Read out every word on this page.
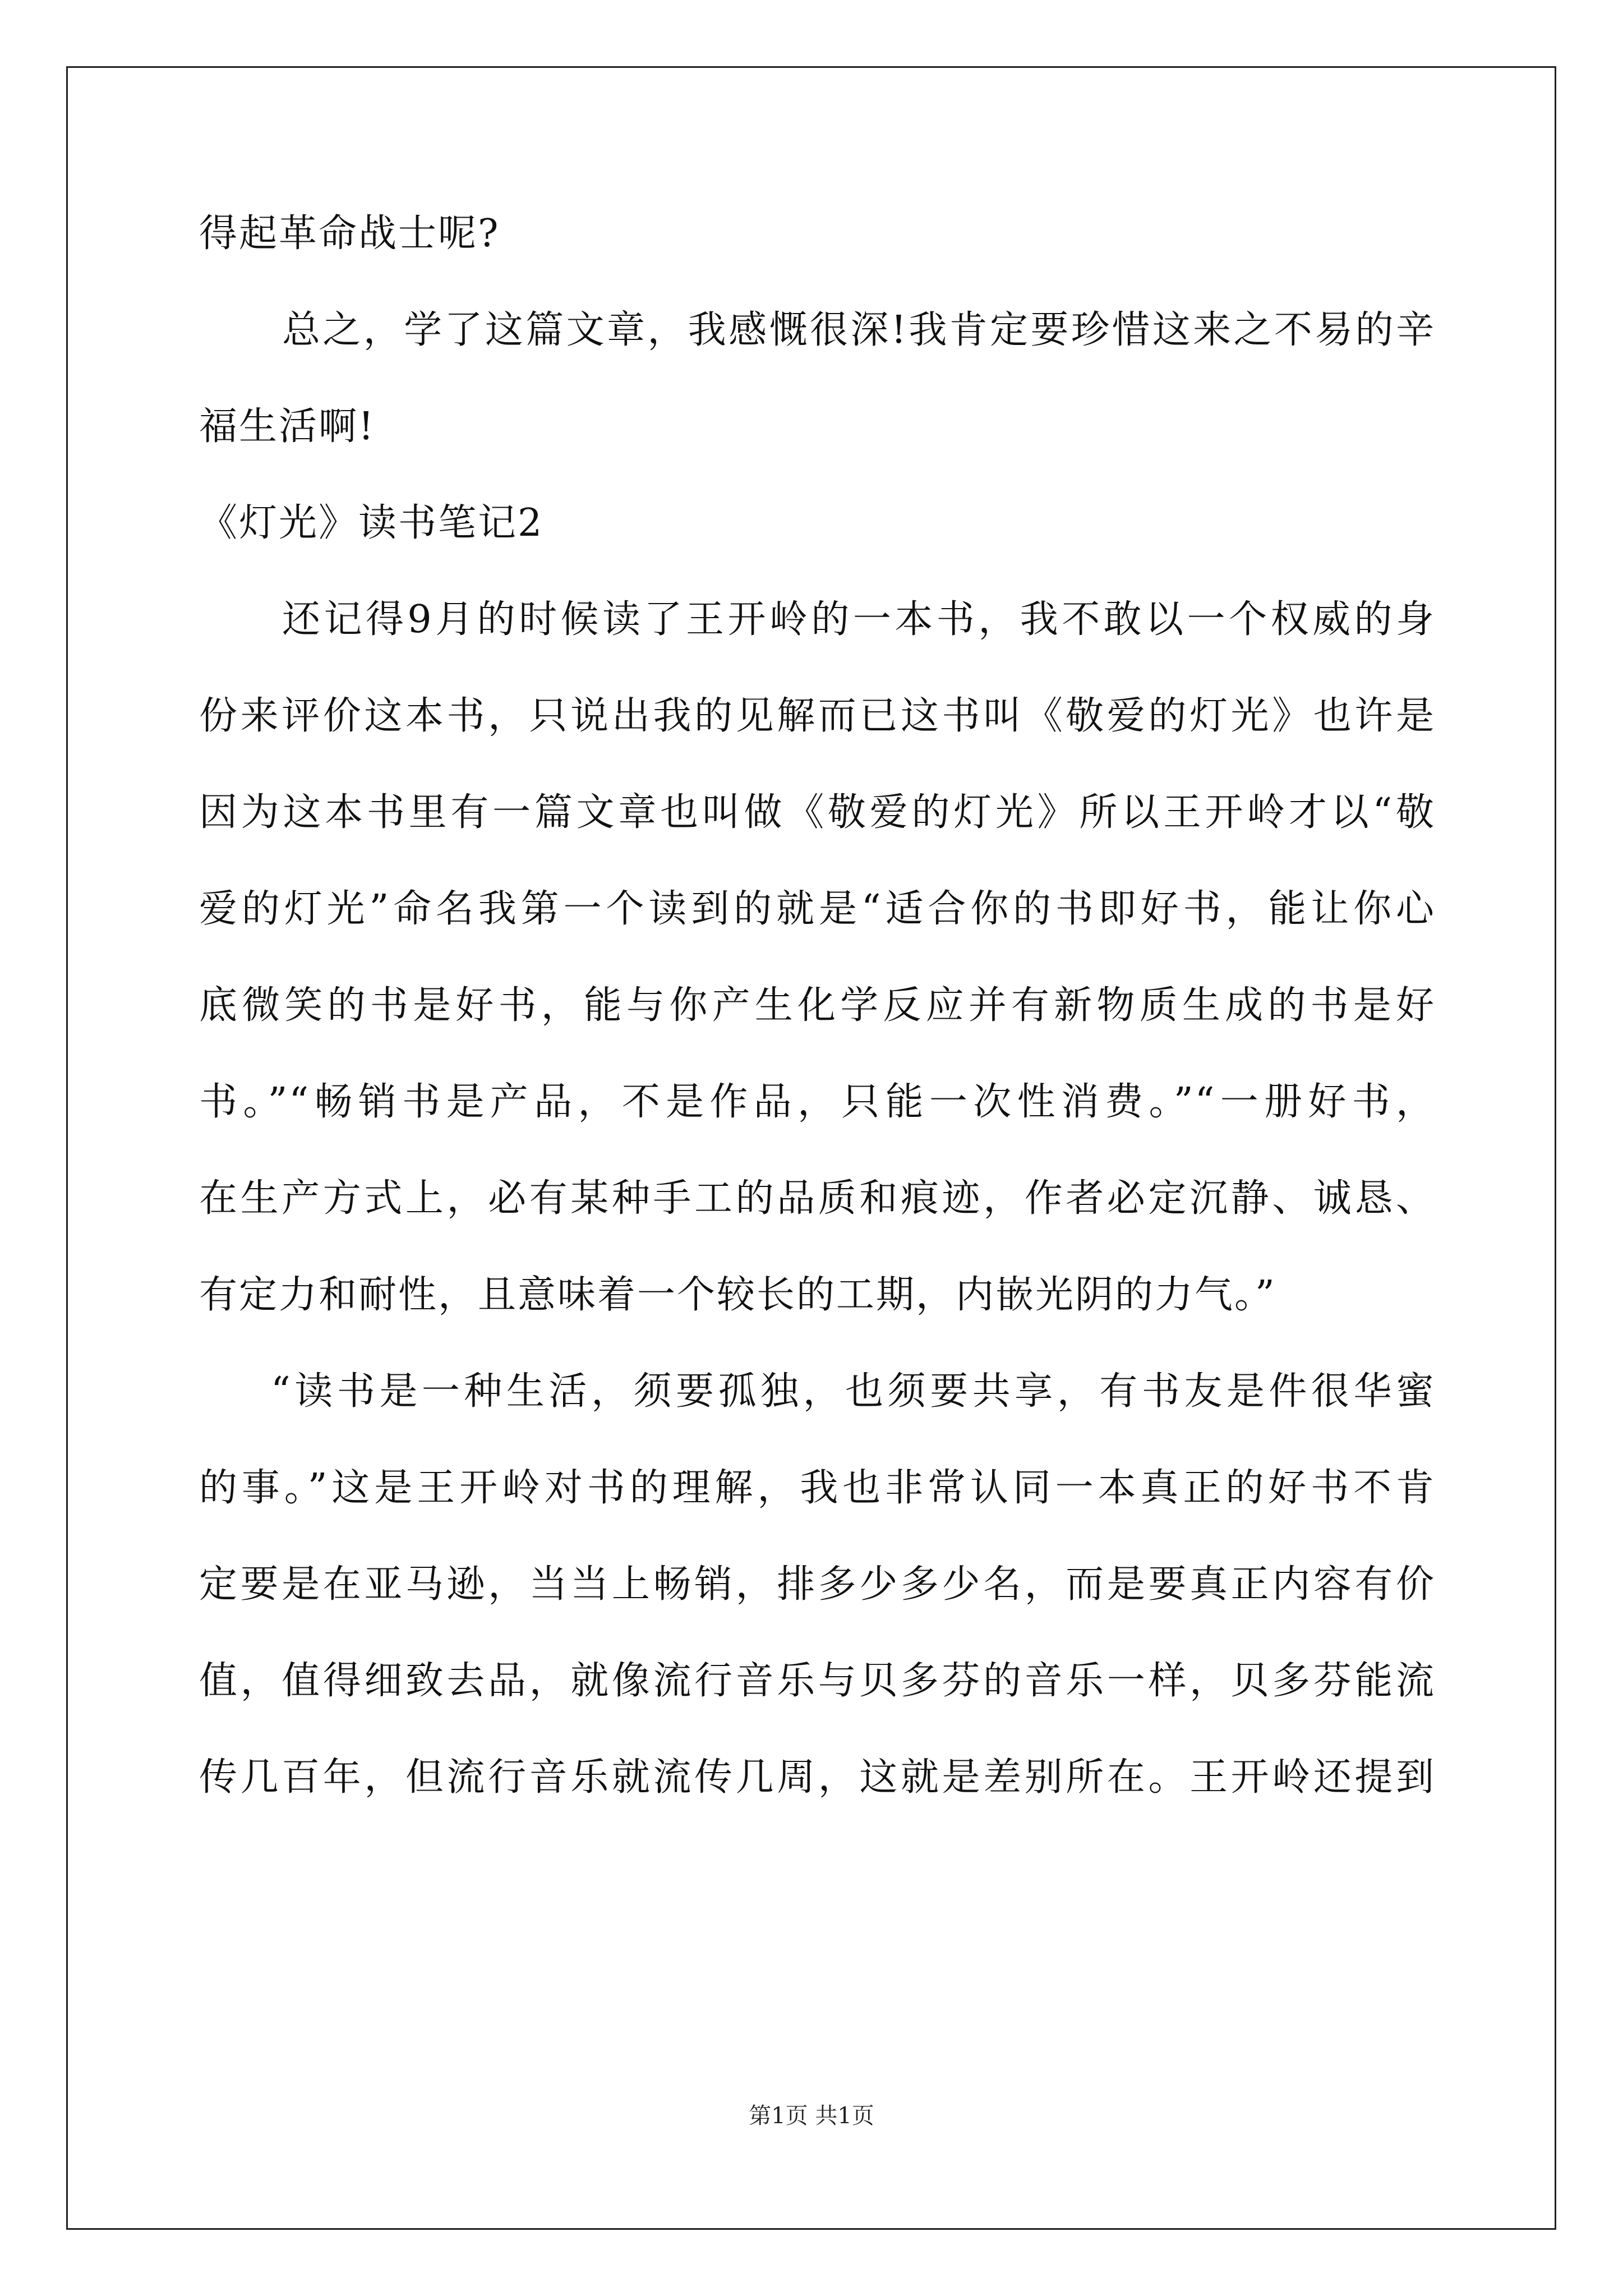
得起革命战士呢?
总之，学了这篇文章，我感慨很深!我肯定要珍惜这来之不易的辛
福生活啊!
《灯光》读书笔记2
还记得9月的时候读了王开岭的一本书，我不敢以一个权威的身
份来评价这本书，只说出我的见解而已这书叫《敬爱的灯光》也许是
因为这本书里有一篇文章也叫做《敬爱的灯光》所以王开岭才以“敬
爱的灯光”命名我第一个读到的就是“适合你的书即好书，能让你心
底微笑的书是好书，能与你产生化学反应并有新物质生成的书是好
书。”“畅销书是产品，不是作品，只能一次性消费。”“一册好书，
在生产方式上，必有某种手工的品质和痕迹，作者必定沉静、诚恳、
有定力和耐性，且意味着一个较长的工期，内嵌光阴的力气。”
“读书是一种生活，须要孤独，也须要共享，有书友是件很华蜜
的事。”这是王开岭对书的理解，我也非常认同一本真正的好书不肯
定要是在亚马逊，当当上畅销，排多少多少名，而是要真正内容有价
值，值得细致去品，就像流行音乐与贝多芬的音乐一样，贝多芬能流
传几百年，但流行音乐就流传几周，这就是差别所在。王开岭还提到
第1页 共1页
